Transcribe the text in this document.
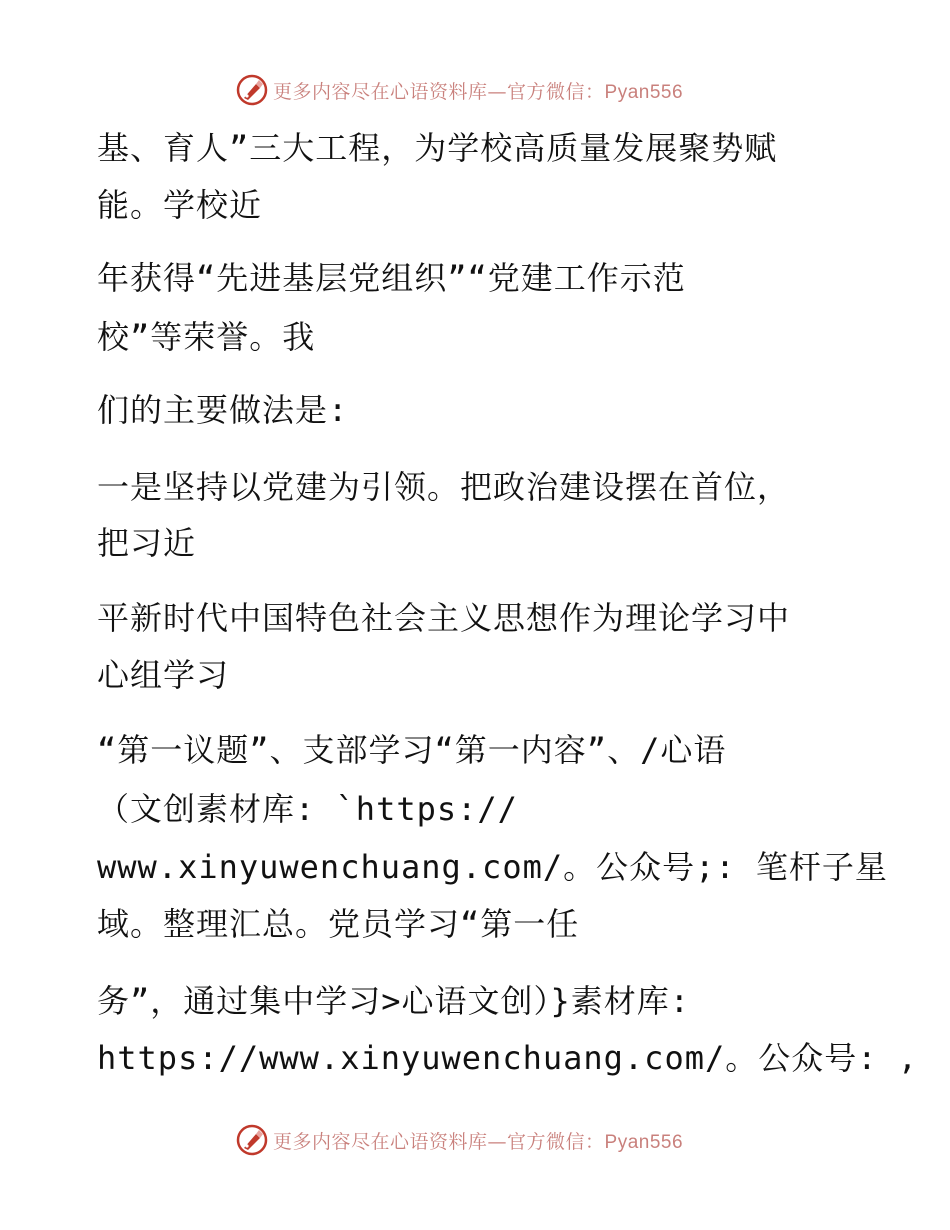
更多内容尽在心语资料库—官方微信：Pyan556
基、育人”三大工程，为学校高质量发展聚势赋
能。学校近
年获得“先进基层党组织”“党建工作示范
校”等荣誉。我
们的主要做法是:
一是坚持以党建为引领。把政治建设摆在首位，
把习近
平新时代中国特色社会主义思想作为理论学习中
心组学习
“第一议题”、支部学习“第一内容”、/心语
（文创素材库: `https://
www.xinyuwenchuang.com/。公众号;: 笔杆子星
域。整理汇总。党员学习“第一任
务”，通过集中学习>心语文创）}素材库:
https://www.xinyuwenchuang.com/。公众号: ,
更多内容尽在心语资料库—官方微信：Pyan556
